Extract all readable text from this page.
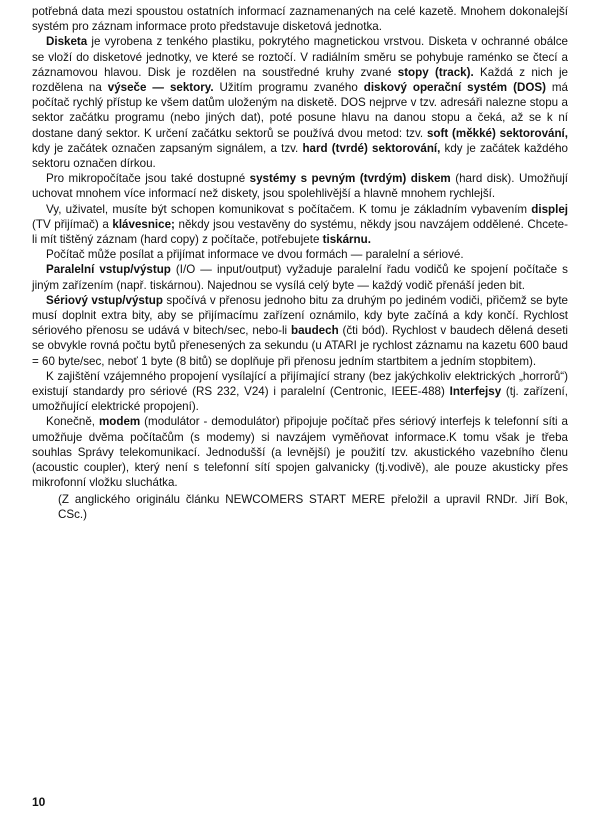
potřebná data mezi spoustou ostatních informací zaznamenaných na celé kazetě. Mnohem dokonalejší systém pro záznam informace proto představuje disketová jednotka.

Disketa je vyrobena z tenkého plastiku, pokrytého magnetickou vrstvou. Disketa v ochranné obálce se vloží do disketové jednotky, ve které se roztočí. V radiálním směru se pohybuje raménko se čtecí a záznamovou hlavou. Disk je rozdělen na soustředné kruhy zvané stopy (track). Každá z nich je rozdělena na výseče — sektory. Užitím programu zvaného diskový operační systém (DOS) má počítač rychlý přístup ke všem datům uloženým na disketě. DOS nejprve v tzv. adresáři nalezne stopu a sektor začátku programu (nebo jiných dat), poté posune hlavu na danou stopu a čeká, až se k ní dostane daný sektor. K určení začátku sektorů se používá dvou metod: tzv. soft (měkké) sektorování, kdy je začátek označen zapsaným signálem, a tzv. hard (tvrdé) sektorování, kdy je začátek každého sektoru označen dírkou.

Pro mikropočítače jsou také dostupné systémy s pevným (tvrdým) diskem (hard disk). Umožňují uchovat mnohem více informací než diskety, jsou spolehlivější a hlavně mnohem rychlejší.

Vy, uživatel, musíte být schopen komunikovat s počítačem. K tomu je základním vybavením displej (TV přijímač) a klávesnice; někdy jsou vestavěny do systému, někdy jsou navzájem oddělené. Chcete-li mít tištěný záznam (hard copy) z počítače, potřebujete tiskárnu.

Počítač může posílat a přijímat informace ve dvou formách — paralelní a sériové.

Paralelní vstup/výstup (I/O — input/output) vyžaduje paralelní řadu vodičů ke spojení počítače s jiným zařízením (např. tiskárnou). Najednou se vysílá celý byte — každý vodič přenáší jeden bit.

Sériový vstup/výstup spočívá v přenosu jednoho bitu za druhým po jediném vodiči, přičemž se byte musí doplnit extra bity, aby se přijímacímu zařízení oznámilo, kdy byte začíná a kdy končí. Rychlost sériového přenosu se udává v bitech/sec, nebo-li baudech (čti bód). Rychlost v baudech dělená deseti se obvykle rovná počtu bytů přenesených za sekundu (u ATARI je rychlost záznamu na kazetu 600 baud = 60 byte/sec, neboť 1 byte (8 bitů) se doplňuje při přenosu jedním startbitem a jedním stopbitem).

K zajištění vzájemného propojení vysílající a přijímající strany (bez jakýchkoliv elektrických „horrorů“) existují standardy pro sériové (RS 232, V24) i paralelní (Centronic, IEEE-488) Interfejsy (tj. zařízení, umožňující elektrické propojení).

Konečně, modem (modulátor - demodulátor) připojuje počítač přes sériový interfejs k telefonní síti a umožňuje dvěma počítačům (s modemy) si navzájem vyměňovat informace.K tomu však je třeba souhlas Správy telekomunikací. Jednodušší (a levnější) je použití tzv. akustického vazebního členu (acoustic coupler), který není s telefonní sítí spojen galvanicky (tj.vodivě), ale pouze akusticky přes mikrofonní vložku sluchátka.

(Z anglického originálu článku NEWCOMERS START MERE přeložil a upravil RNDr. Jiří Bok, CSc.)

10
